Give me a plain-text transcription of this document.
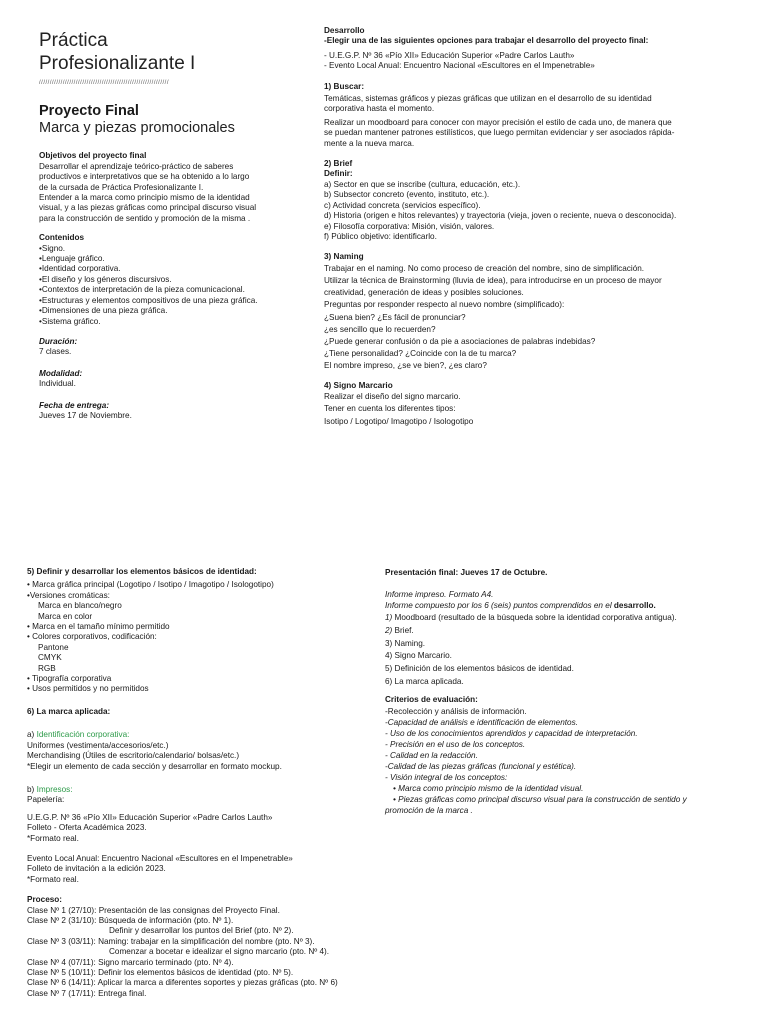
Práctica

Profesionalizante I

////////////////////////////////////////////////////////////

Proyecto Final

Marca y piezas promocionales

Objetivos del proyecto final

Desarrollar el aprendizaje teórico-práctico de saberes

productivos e interpretativos que se ha obtenido a lo largo

de la cursada de Práctica Profesionalizante I.

Entender a la marca como principio mismo de la identidad

visual, y a las piezas gráficas como principal discurso visual

para la construcción de sentido y promoción de la misma .

Contenidos

•Signo.

•Lenguaje gráfico.

•Identidad corporativa.

•El diseño y los géneros discursivos.

•Contextos de interpretación de la pieza comunicacional.

•Estructuras y elementos compositivos de una pieza gráfica.

•Dimensiones de una pieza gráfica.

•Sistema gráfico.

Duración:

7 clases.

Modalidad:

Individual.

Fecha de entrega:

Jueves 17 de Noviembre.

Desarrollo

-Elegir una de las siguientes opciones para trabajar el desarrollo del proyecto final:

- U.E.G.P. Nº 36 «Pío XII» Educación Superior «Padre Carlos Lauth»

- Evento Local Anual: Encuentro Nacional «Escultores en el Impenetrable»

1) Buscar:

Temáticas, sistemas gráficos y piezas gráficas que utilizan en el desarrollo de su identidad

corporativa hasta el momento.

Realizar un moodboard para conocer con mayor precisión el estilo de cada uno, de manera que

se puedan mantener patrones estilísticos, que luego permitan evidenciar y ser asociados rápida-

mente a la nueva marca.

2) Brief

Definir:

a) Sector en que se inscribe (cultura, educación, etc.).

b) Subsector concreto (evento, instituto, etc.).

c) Actividad concreta (servicios específico).

d) Historia (origen e hitos relevantes) y trayectoria (vieja, joven o reciente, nueva o desconocida).

e) Filosofía corporativa: Misión, visión, valores.

f) Público objetivo: identificarlo.

3) Naming

Trabajar en el naming. No como proceso de creación del nombre, sino de simplificación.

Utilizar la técnica de Brainstorming (lluvia de idea), para introducirse en un proceso de mayor

creatividad, generación de ideas y posibles soluciones.

Preguntas por responder respecto al nuevo nombre (simplificado):

¿Suena bien? ¿Es fácil de pronunciar?

¿es sencillo que lo recuerden?

¿Puede generar confusión o da pie a asociaciones de palabras indebidas?

¿Tiene personalidad? ¿Coincide con la de tu marca?

El nombre impreso, ¿se ve bien?, ¿es claro?

4) Signo Marcario

Realizar el diseño del signo marcario.

Tener en cuenta los diferentes tipos:

Isotipo / Logotipo/ Imagotipo / Isologotipo

5) Definir y desarrollar los elementos básicos de identidad:

• Marca gráfica principal (Logotipo / Isotipo / Imagotipo / Isologotipo)

•Versiones cromáticas:

Marca en blanco/negro

Marca en color

• Marca en el tamaño mínimo permitido

• Colores corporativos, codificación:

Pantone

CMYK

RGB

• Tipografía corporativa

• Usos permitidos y no permitidos

6) La marca aplicada:

a) Identificación corporativa:

Uniformes (vestimenta/accesorios/etc.)

Merchandising (Útiles de escritorio/calendario/ bolsas/etc.)

*Elegir un elemento de cada sección y desarrollar en formato mockup.

b) Impresos:

Papelería:

U.E.G.P. Nº 36 «Pío XII» Educación Superior «Padre Carlos Lauth»

Folleto - Oferta Académica 2023.

*Formato real.

Evento Local Anual: Encuentro Nacional «Escultores en el Impenetrable»

Folleto de invitación a la edición 2023.

*Formato real.

Proceso:

Clase Nº 1 (27/10): Presentación de las consignas del Proyecto Final.

Clase Nº 2 (31/10): Búsqueda de información (pto. Nº 1).

Definir y desarrollar los puntos del Brief (pto. Nº 2).

Clase Nº 3 (03/11): Naming: trabajar en la simplificación del nombre (pto. Nº 3).

Comenzar a bocetar e idealizar el signo marcario (pto. Nº 4).

Clase Nº 4 (07/11): Signo marcario terminado (pto. Nº 4).

Clase Nº 5 (10/11): Definir los elementos básicos de identidad (pto. Nº 5).

Clase Nº 6 (14/11): Aplicar la marca a diferentes soportes y piezas gráficas (pto. Nº 6)

Clase Nº 7 (17/11): Entrega final.

Presentación final: Jueves 17 de Octubre.

Informe impreso. Formato A4.

Informe compuesto por los 6 (seis) puntos comprendidos en el desarrollo.

1) Moodboard (resultado de la búsqueda sobre la identidad corporativa antigua).

2) Brief.

3) Naming.

4) Signo Marcario.

5) Definición de los elementos básicos de identidad.

6) La marca aplicada.

Criterios de evaluación:

-Recolección y análisis de información.

-Capacidad de análisis e identificación de elementos.

- Uso de los conocimientos aprendidos y capacidad de interpretación.

- Precisión en el uso de los conceptos.

- Calidad en la redacción.

-Calidad de las piezas gráficas (funcional y estética).

- Visión integral de los conceptos:

• Marca como principio mismo de la identidad visual.

• Piezas gráficas como principal discurso visual para la construcción de sentido y

promoción de la marca .
